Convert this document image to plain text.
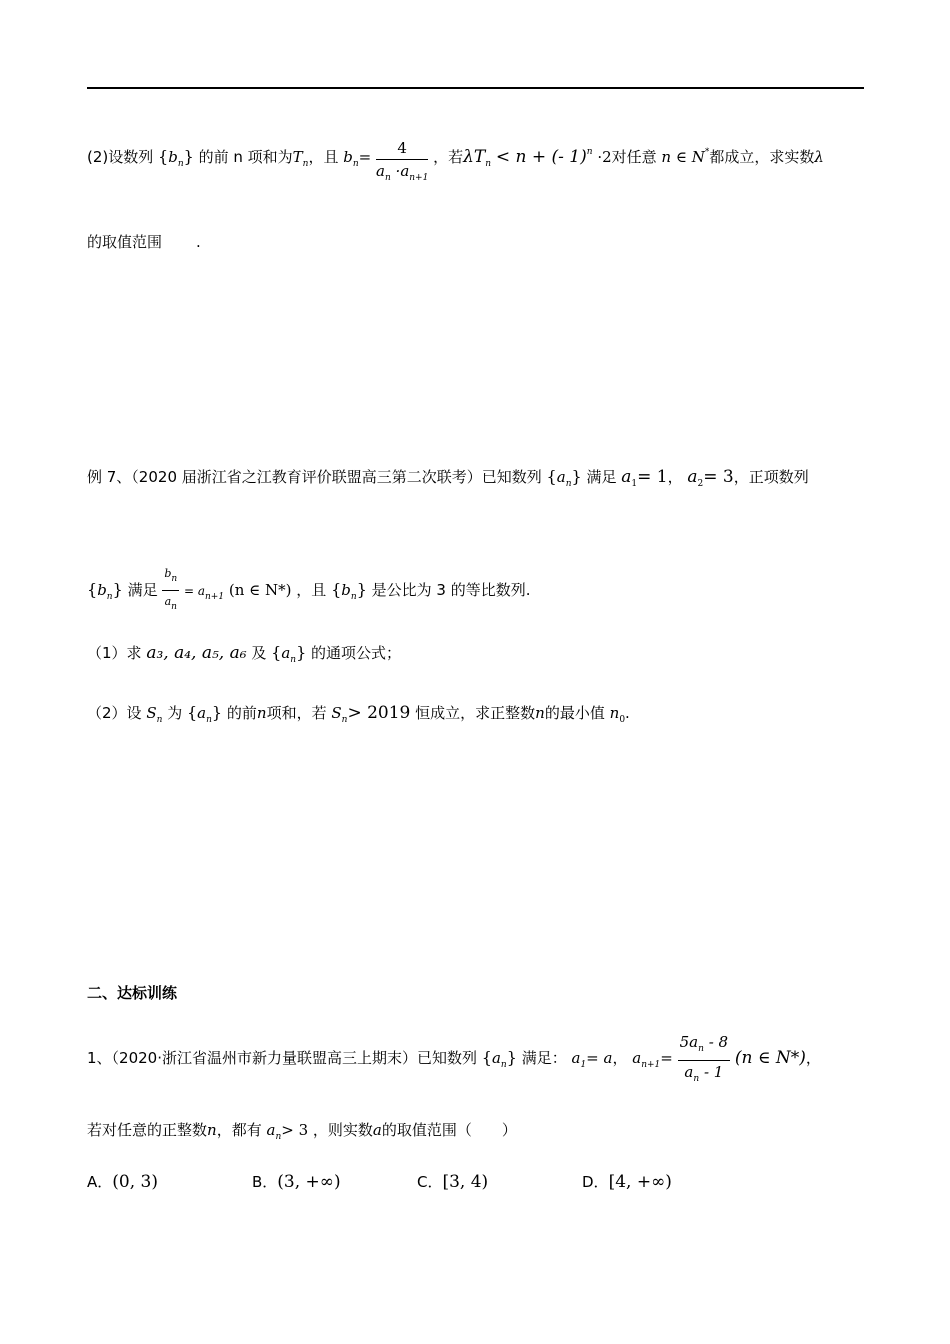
(2)设数列 $\{b_n\}$ 的前 n 项和为$T_n$，且 $b_n= \frac{4}{a_n \cdot a_{n+1}}$ ，若$\lambda T_n < n$ + (- 1)$^n$ ·2对任意 n ∈ N*都成立，求实数λ
的取值范围 .
例 7、（2020 届浙江省之江教育评价联盟高三第二次联考）已知数列 $\{a_n\}$ 满足 $a_1= 1$， $a_2= 3$，正项数列
$\{b_n\}$ 满足 $\frac{b_n}{a_n} = a_{n+1}$ (n ∈ N*) ，且 $\{b_n\}$ 是公比为 3 的等比数列.
（1）求 a₃, a₄, a₅, a₆ 及 $\{a_n\}$ 的通项公式；
（2）设 $S_n$ 为 $\{a_n\}$ 的前n项和，若 $S_n> 2019$ 恒成立，求正整数n的最小值 $n_0$.
二、达标训练
1、（2020·浙江省温州市新力量联盟高三上期末）已知数列 $\{a_n\}$ 满足： $a_1= a$， $a_{n+1}= \frac{5a_n - 8}{a_n - 1} (n$ ∈ N*)，
若对任意的正整数n，都有 $a_n> 3$ ，则实数a的取值范围（　　）
A．(0, 3)	B．(3, +∞)	C．[3, 4)	D．[4, +∞)
